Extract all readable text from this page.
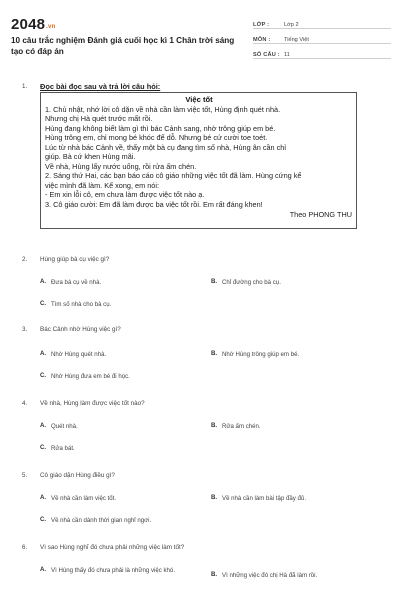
2048.vn
10 câu trắc nghiệm Đánh giá cuối học kì 1 Chân trời sáng tạo có đáp án
LỚP :	Lớp 2
MÔN :	Tiếng Việt
SỐ CÂU : 11
1. Đọc bài đọc sau và trả lời câu hỏi:
Việc tốt
1. Chủ nhật, nhớ lời cô dặn về nhà cần làm việc tốt, Hùng định quét nhà.
Nhưng chị Hà quét trước mất rồi.
Hùng đang không biết làm gì thì bác Cảnh sang, nhờ trông giúp em bé.
Hùng trông em, chỉ mong bé khóc để dỗ. Nhưng bé cứ cười toe toét.
Lúc từ nhà bác Cảnh về, thấy một bà cụ đang tìm số nhà, Hùng ân cần chỉ
giúp. Bà cứ khen Hùng mãi.
Về nhà, Hùng lấy nước uống, rồi rửa ấm chén.
2. Sáng thứ Hai, các bạn báo cáo cô giáo những việc tốt đã làm. Hùng cứng kể
việc mình đã làm. Kể xong, em nói:
- Em xin lỗi cô, em chưa làm được việc tốt nào ạ.
3. Cô giáo cười: Em đã làm được ba việc tốt rồi. Em rất đáng khen!
Theo PHONG THU
2. Hùng giúp bà cụ việc gì?
A. Đưa bà cụ về nhà.	B. Chỉ đường cho bà cụ.
C. Tìm số nhà cho bà cụ.
3. Bác Cảnh nhờ Hùng việc gì?
A. Nhờ Hùng quét nhà.	B. Nhờ Hùng trông giúp em bé.
C. Nhờ Hùng đưa em bé đi học.
4. Về nhà, Hùng làm được việc tốt nào?
A. Quét nhà.	B. Rửa ấm chén.
C. Rửa bát.
5. Cô giáo dặn Hùng điều gì?
A. Về nhà cần làm việc tốt.	B. Về nhà cần làm bài tập đầy đủ.
C. Về nhà cần dành thời gian nghỉ ngơi.
6. Vì sao Hùng nghĩ đó chưa phải những việc làm tốt?
A. Vì Hùng thấy đó chưa phải là những việc khó.
B. Vì những việc đó chị Hà đã làm rồi.
